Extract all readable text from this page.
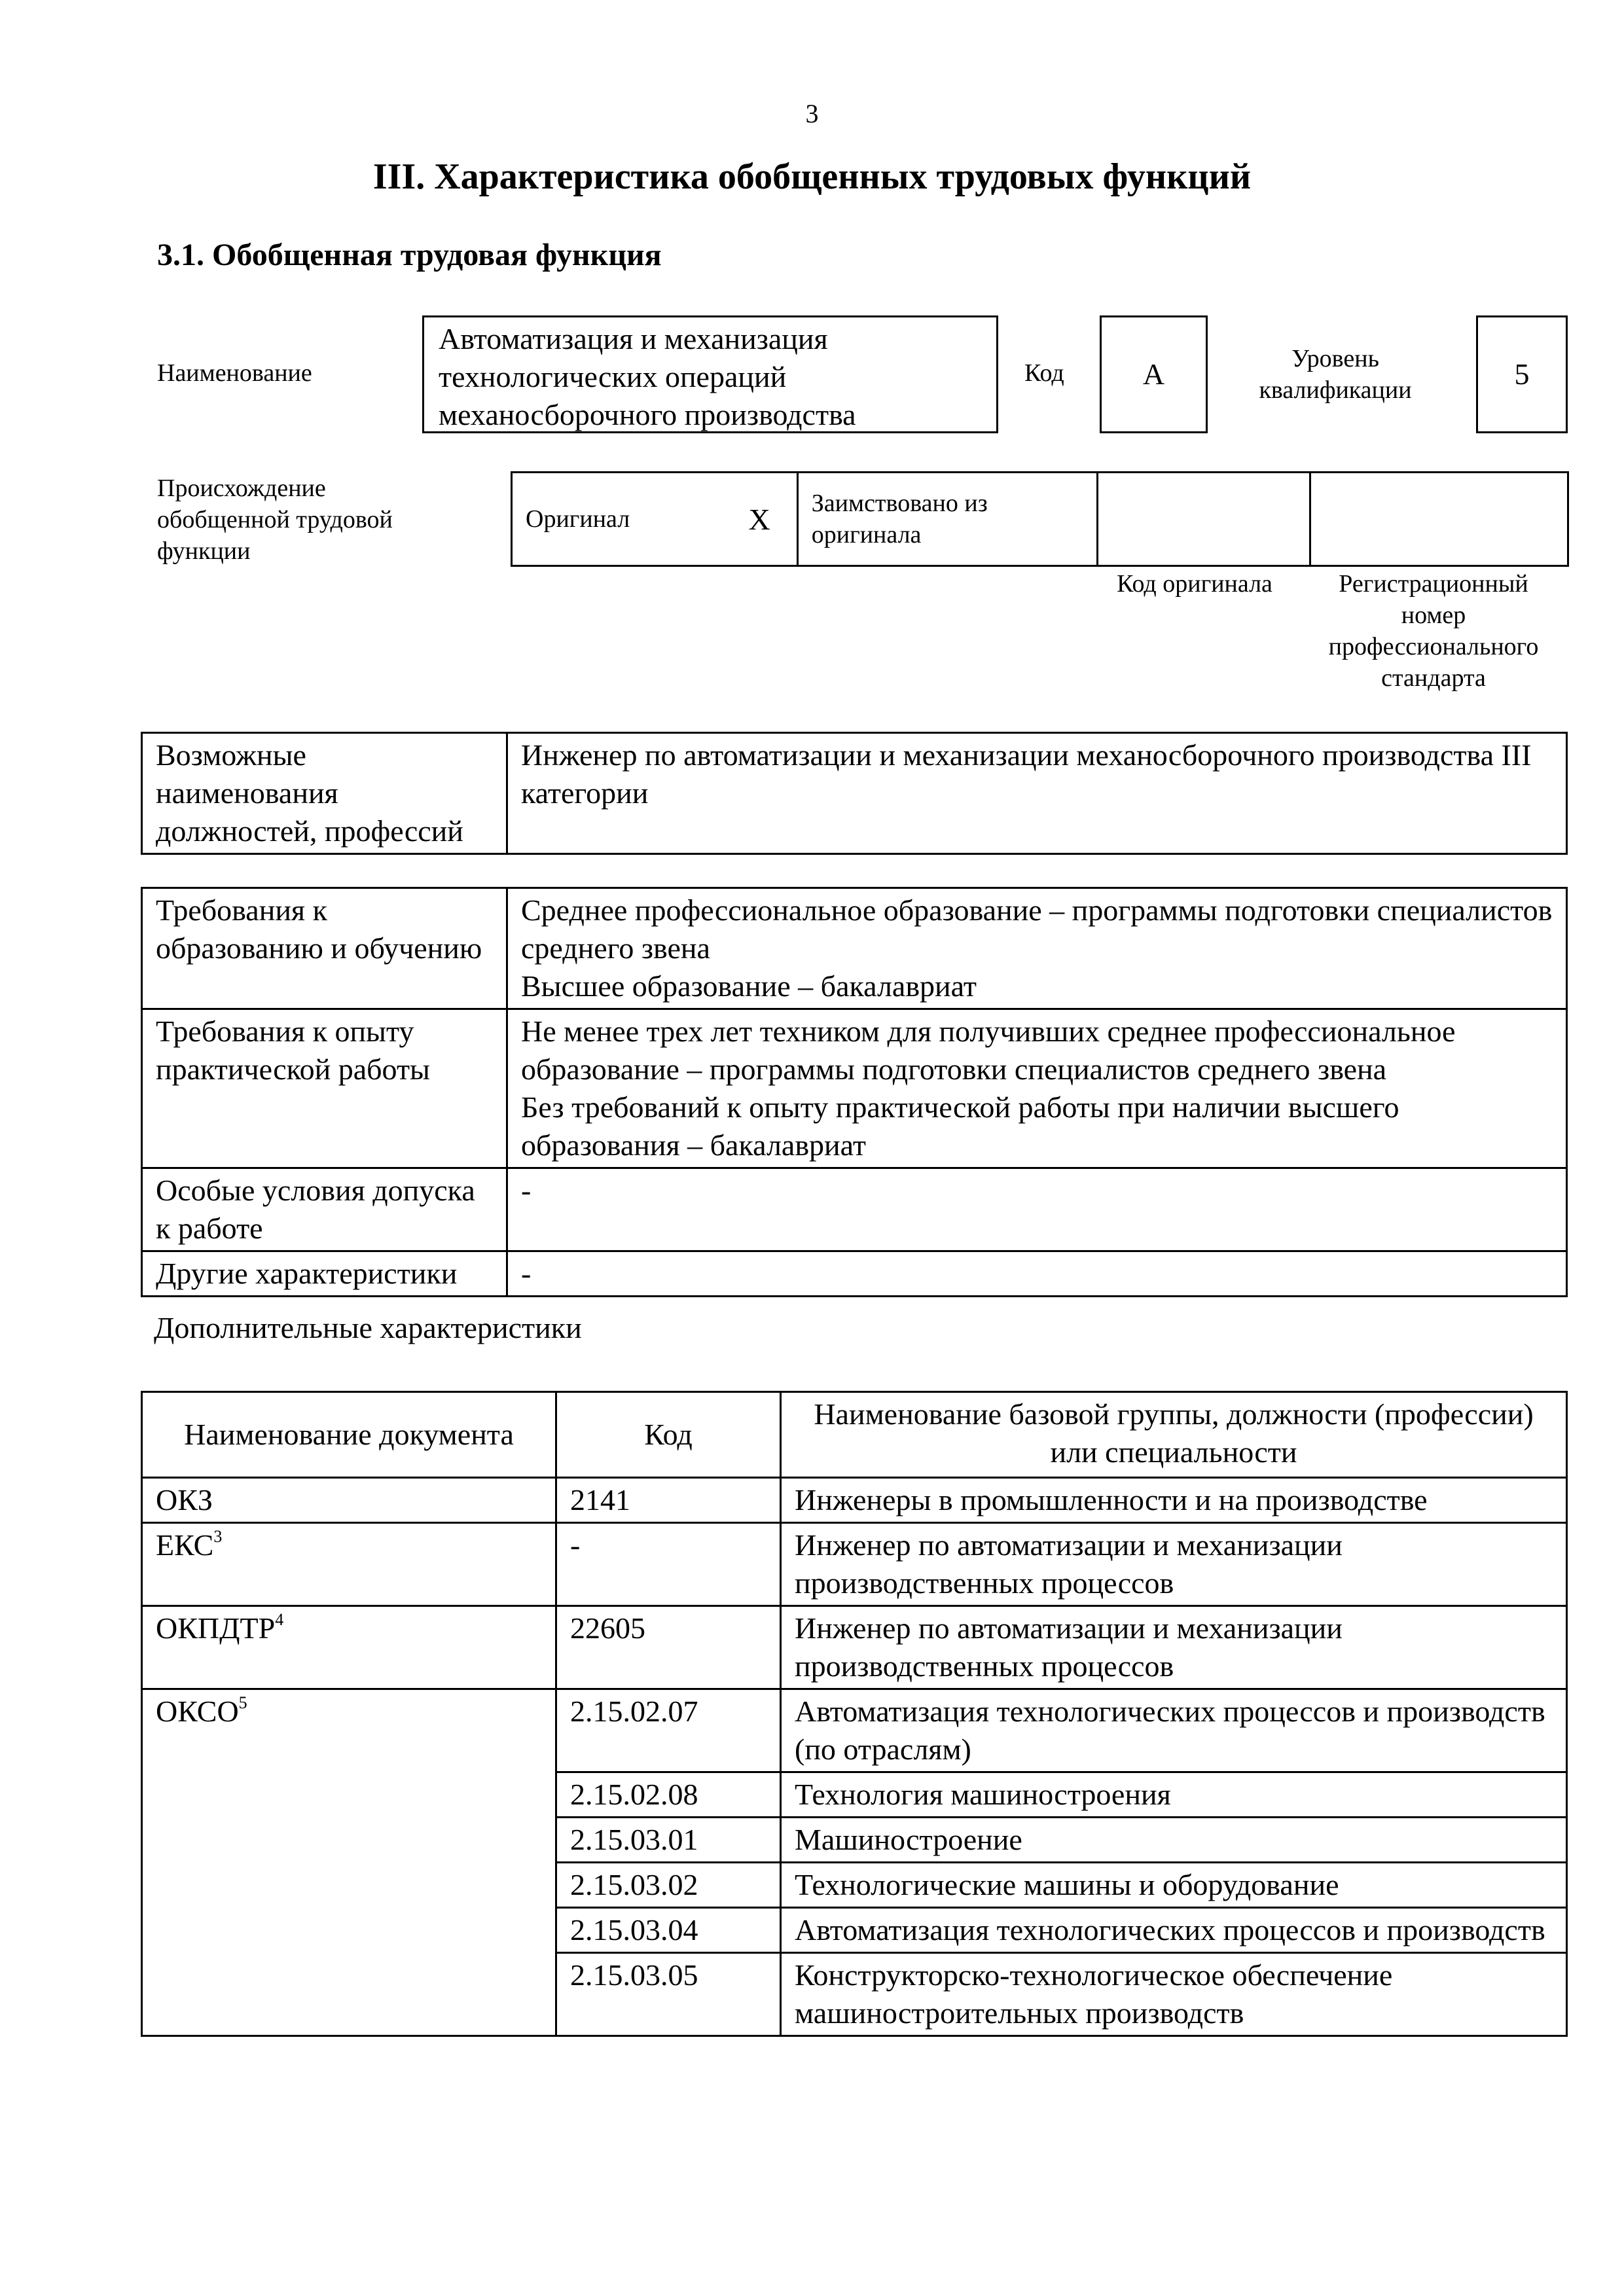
3
III. Характеристика обобщенных трудовых функций
3.1. Обобщенная трудовая функция
Наименование
Автоматизация и механизация технологических операций механосборочного производства
Код	А	Уровень квалификации	5
Происхождение обобщенной трудовой функции
Оригинал	X	Заимствовано из оригинала		
Код оригинала	Регистрационный номер профессионального стандарта
Возможные наименования должностей, профессий	Инженер по автоматизации и механизации механосборочного производства III категории
Требования к образованию и обучению	Среднее профессиональное образование – программы подготовки специалистов среднего звена
Высшее образование – бакалавриат

Требования к опыту практической работы	Не менее трех лет техником для получивших среднее профессиональное образование – программы подготовки специалистов среднего звена
Без требований к опыту практической работы при наличии высшего образования – бакалавриат

Особые условия допуска к работе	-
Другие характеристики	-
Дополнительные характеристики
Наименование документа	Код	Наименование базовой группы, должности (профессии) или специальности
ОКЗ	2141	Инженеры в промышленности и на производстве
ЕКС$^3$	-	Инженер по автоматизации и механизации производственных процессов
ОКПДТР$^4$	22605	Инженер по автоматизации и механизации производственных процессов
ОКСО$^5$	2.15.02.07	Автоматизация технологических процессов и производств (по отраслям)
	2.15.02.08	Технология машиностроения
	2.15.03.01	Машиностроение
	2.15.03.02	Технологические машины и оборудование
	2.15.03.04	Автоматизация технологических процессов и производств
	2.15.03.05	Конструкторско-технологическое обеспечение машиностроительных производств
